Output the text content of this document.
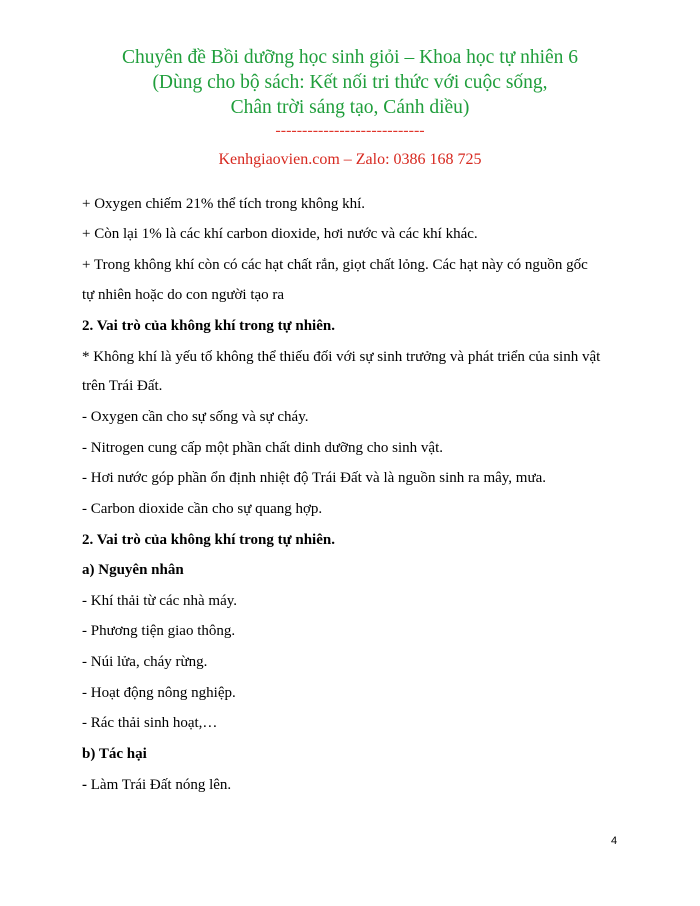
Chuyên đề Bồi dưỡng học sinh giỏi – Khoa học tự nhiên 6
(Dùng cho bộ sách: Kết nối tri thức với cuộc sống,
Chân trời sáng tạo, Cánh diều)
----------------------------
Kenhgiaovien.com – Zalo: 0386 168 725
+ Oxygen chiếm 21% thể tích trong không khí.
+ Còn lại 1% là các khí carbon dioxide, hơi nước và các khí khác.
+ Trong không khí còn có các hạt chất rắn, giọt chất lỏng. Các hạt này có nguồn gốc
tự nhiên hoặc do con người tạo ra
2. Vai trò của không khí trong tự nhiên.
* Không khí là yếu tố không thể thiếu đối với sự sinh trưởng và phát triển của sinh vật
trên Trái Đất.
- Oxygen cần cho sự sống và sự cháy.
- Nitrogen cung cấp một phần chất dinh dưỡng cho sinh vật.
- Hơi nước góp phần ổn định nhiệt độ Trái Đất và là nguồn sinh ra mây, mưa.
- Carbon dioxide cần cho sự quang hợp.
2. Vai trò của không khí trong tự nhiên.
a) Nguyên nhân
- Khí thải từ các nhà máy.
- Phương tiện giao thông.
- Núi lửa, cháy rừng.
- Hoạt động nông nghiệp.
- Rác thải sinh hoạt,…
b) Tác hại
- Làm Trái Đất nóng lên.
4
